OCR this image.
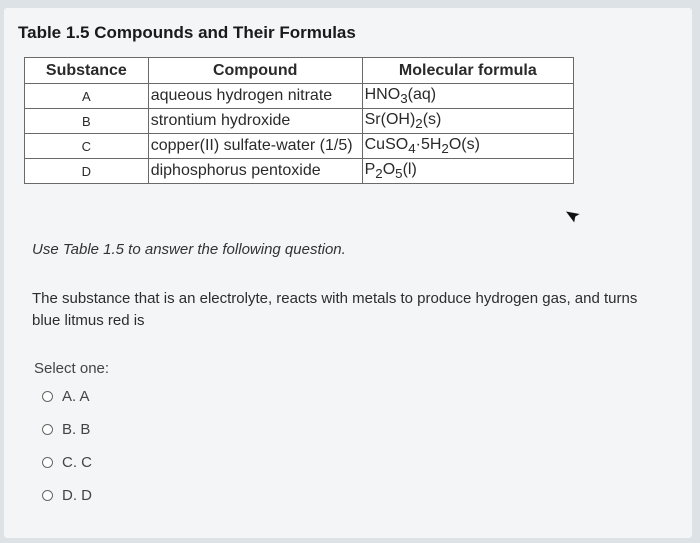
Table 1.5 Compounds and Their Formulas
Substance	Compound	Molecular formula
A	aqueous hydrogen nitrate	$HNO_3(aq)$
B	strontium hydroxide	$Sr(OH)_2(s)$
C	copper(II) sulfate-water (1/5)	$CuSO_4\cdot 5H_2O(s)$
D	diphosphorus pentoxide	$P_2O_5(l)$
Use Table 1.5 to answer the following question.
The substance that is an electrolyte, reacts with metals to produce hydrogen gas, and turns blue litmus red is
Select one:
A. A
B. B
C. C
D. D
